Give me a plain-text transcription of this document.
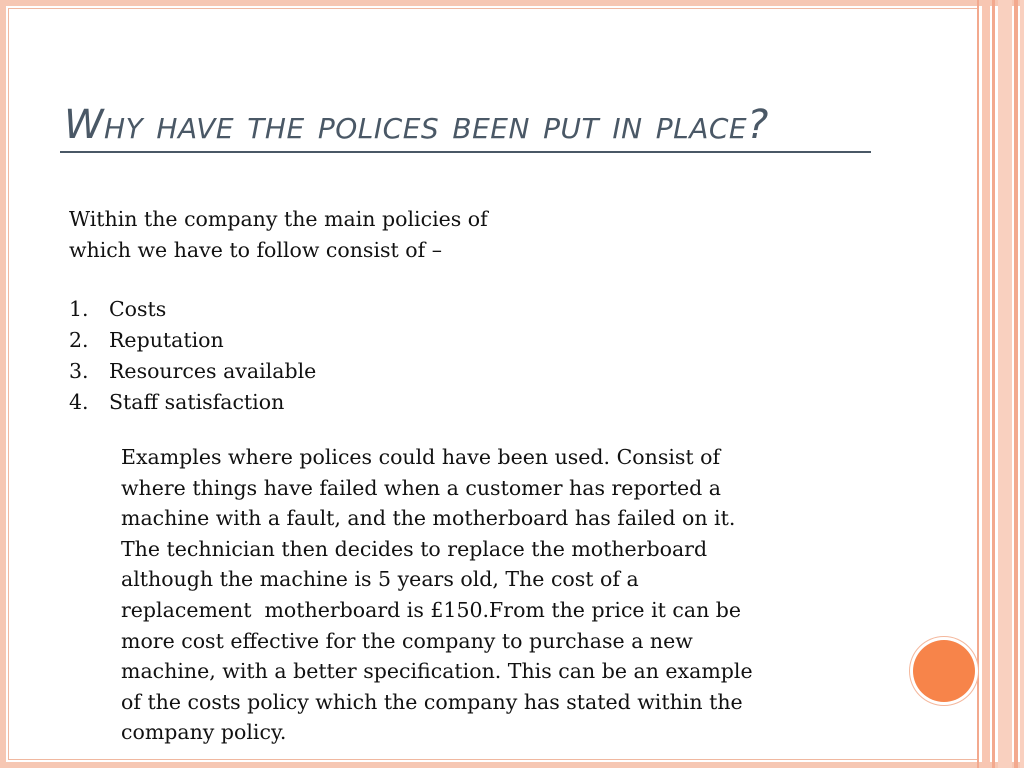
Why have the polices been put in place?

Within the company the main policies of
which we have to follow consist of –

1. Costs
2. Reputation
3. Resources available
4. Staff satisfaction

Examples where polices could have been used. Consist of
where things have failed when a customer has reported a
machine with a fault, and the motherboard has failed on it.
The technician then decides to replace the motherboard
although the machine is 5 years old, The cost of a
replacement  motherboard is £150.From the price it can be
more cost effective for the company to purchase a new
machine, with a better specification. This can be an example
of the costs policy which the company has stated within the
company policy.
